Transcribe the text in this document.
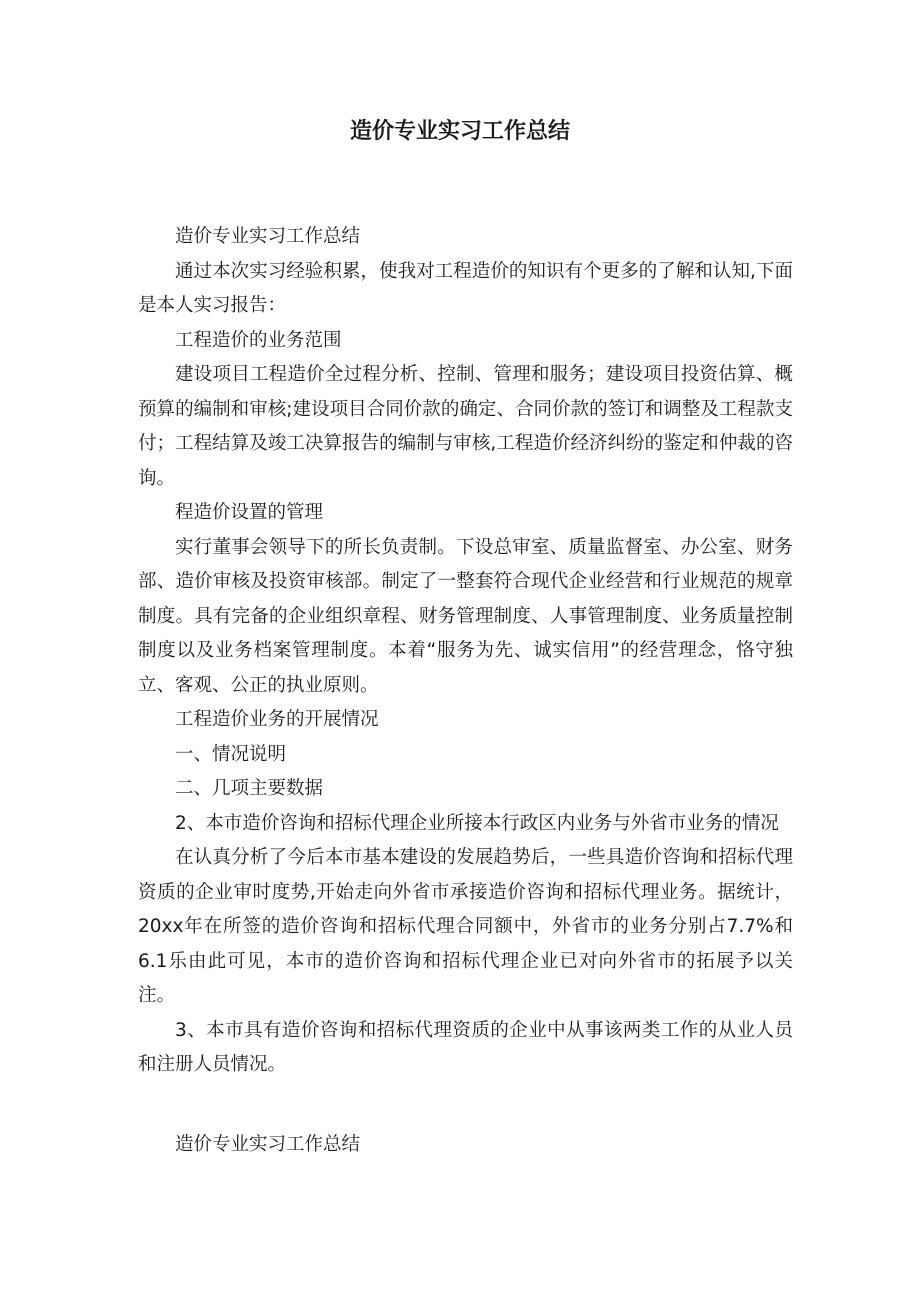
造价专业实习工作总结

造价专业实习工作总结

通过本次实习经验积累，使我对工程造价的知识有个更多的了解和认知,下面是本人实习报告：

工程造价的业务范围

建设项目工程造价全过程分析、控制、管理和服务；建设项目投资估算、概预算的编制和审核;建设项目合同价款的确定、合同价款的签订和调整及工程款支付；工程结算及竣工决算报告的编制与审核,工程造价经济纠纷的鉴定和仲裁的咨询。

程造价设置的管理

实行董事会领导下的所长负责制。下设总审室、质量监督室、办公室、财务部、造价审核及投资审核部。制定了一整套符合现代企业经营和行业规范的规章制度。具有完备的企业组织章程、财务管理制度、人事管理制度、业务质量控制制度以及业务档案管理制度。本着“服务为先、诚实信用”的经营理念，恪守独立、客观、公正的执业原则。

工程造价业务的开展情况

一、情况说明

二、几项主要数据

2、本市造价咨询和招标代理企业所接本行政区内业务与外省市业务的情况

在认真分析了今后本市基本建设的发展趋势后，一些具造价咨询和招标代理资质的企业审时度势,开始走向外省市承接造价咨询和招标代理业务。据统计，20xx年在所签的造价咨询和招标代理合同额中，外省市的业务分别占7.7%和6.1乐由此可见，本市的造价咨询和招标代理企业已对向外省市的拓展予以关注。

3、本市具有造价咨询和招标代理资质的企业中从事该两类工作的从业人员和注册人员情况。

造价专业实习工作总结
